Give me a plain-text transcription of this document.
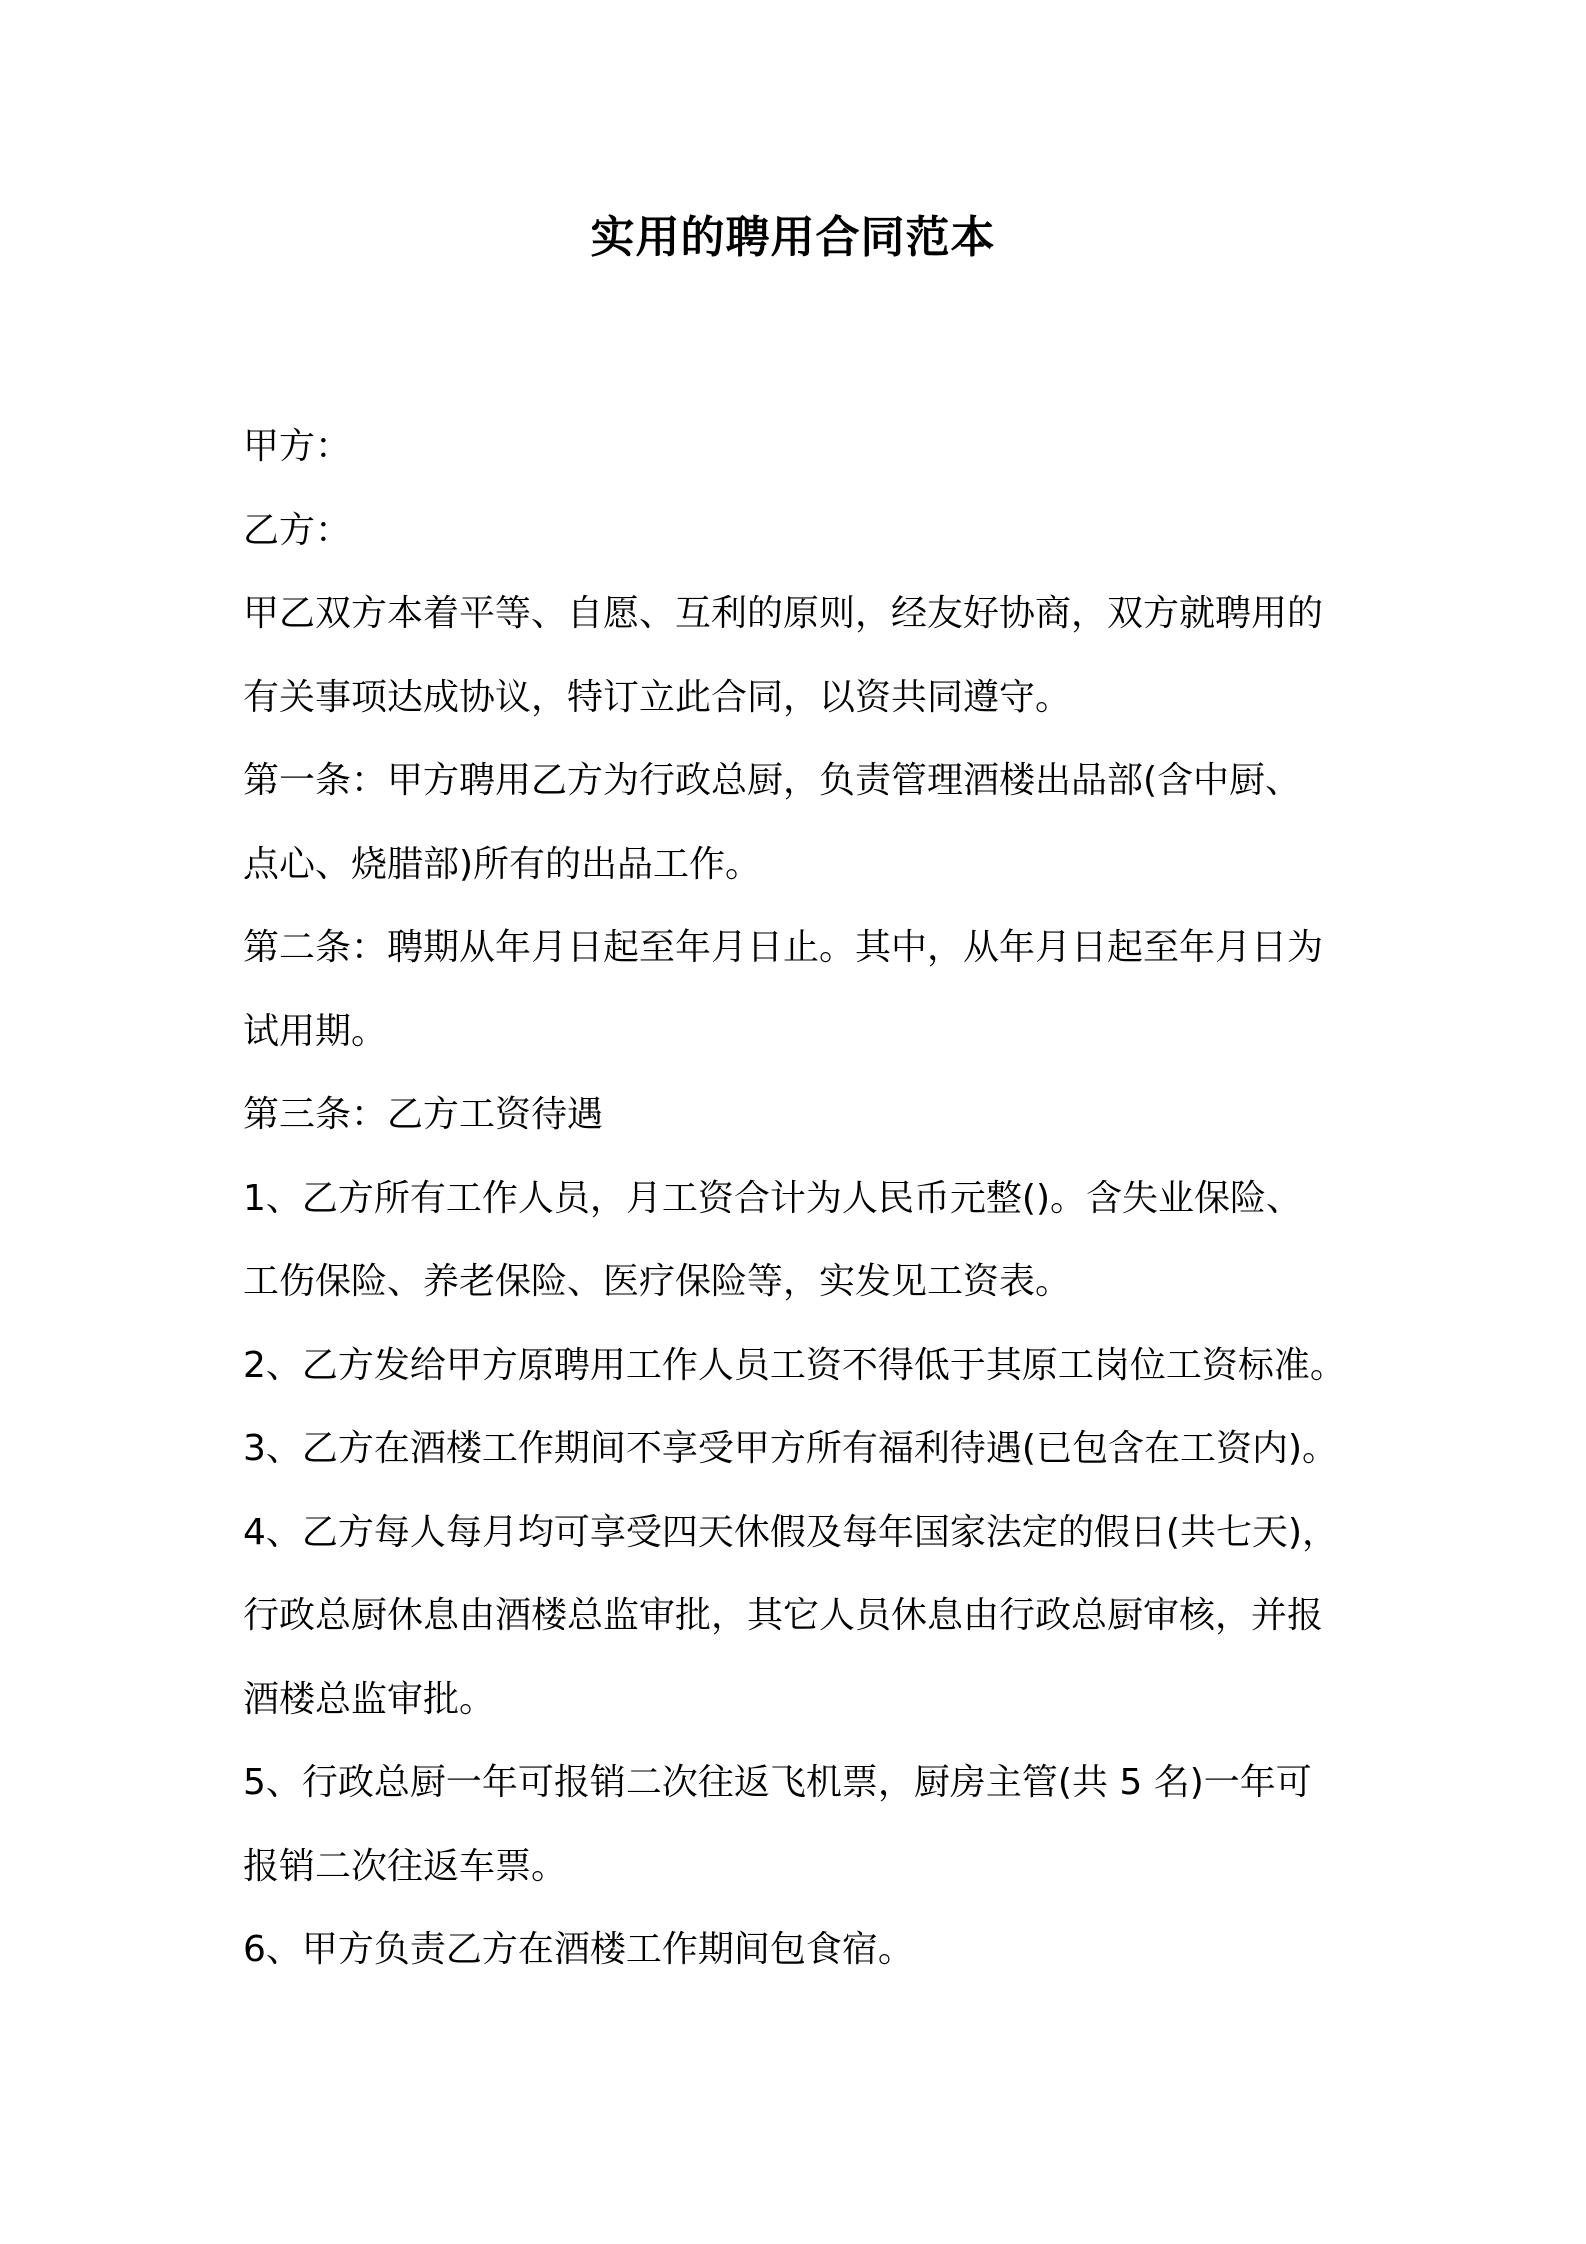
实用的聘用合同范本
甲方：
乙方：
甲乙双方本着平等、自愿、互利的原则，经友好协商，双方就聘用的
有关事项达成协议，特订立此合同，以资共同遵守。
第一条：甲方聘用乙方为行政总厨，负责管理酒楼出品部(含中厨、
点心、烧腊部)所有的出品工作。
第二条：聘期从年月日起至年月日止。其中，从年月日起至年月日为
试用期。
第三条：乙方工资待遇
1、乙方所有工作人员，月工资合计为人民币元整()。含失业保险、
工伤保险、养老保险、医疗保险等，实发见工资表。
2、乙方发给甲方原聘用工作人员工资不得低于其原工岗位工资标准。
3、乙方在酒楼工作期间不享受甲方所有福利待遇(已包含在工资内)。
4、乙方每人每月均可享受四天休假及每年国家法定的假日(共七天)，
行政总厨休息由酒楼总监审批，其它人员休息由行政总厨审核，并报
酒楼总监审批。
5、行政总厨一年可报销二次往返飞机票，厨房主管(共 5 名)一年可
报销二次往返车票。
6、甲方负责乙方在酒楼工作期间包食宿。
